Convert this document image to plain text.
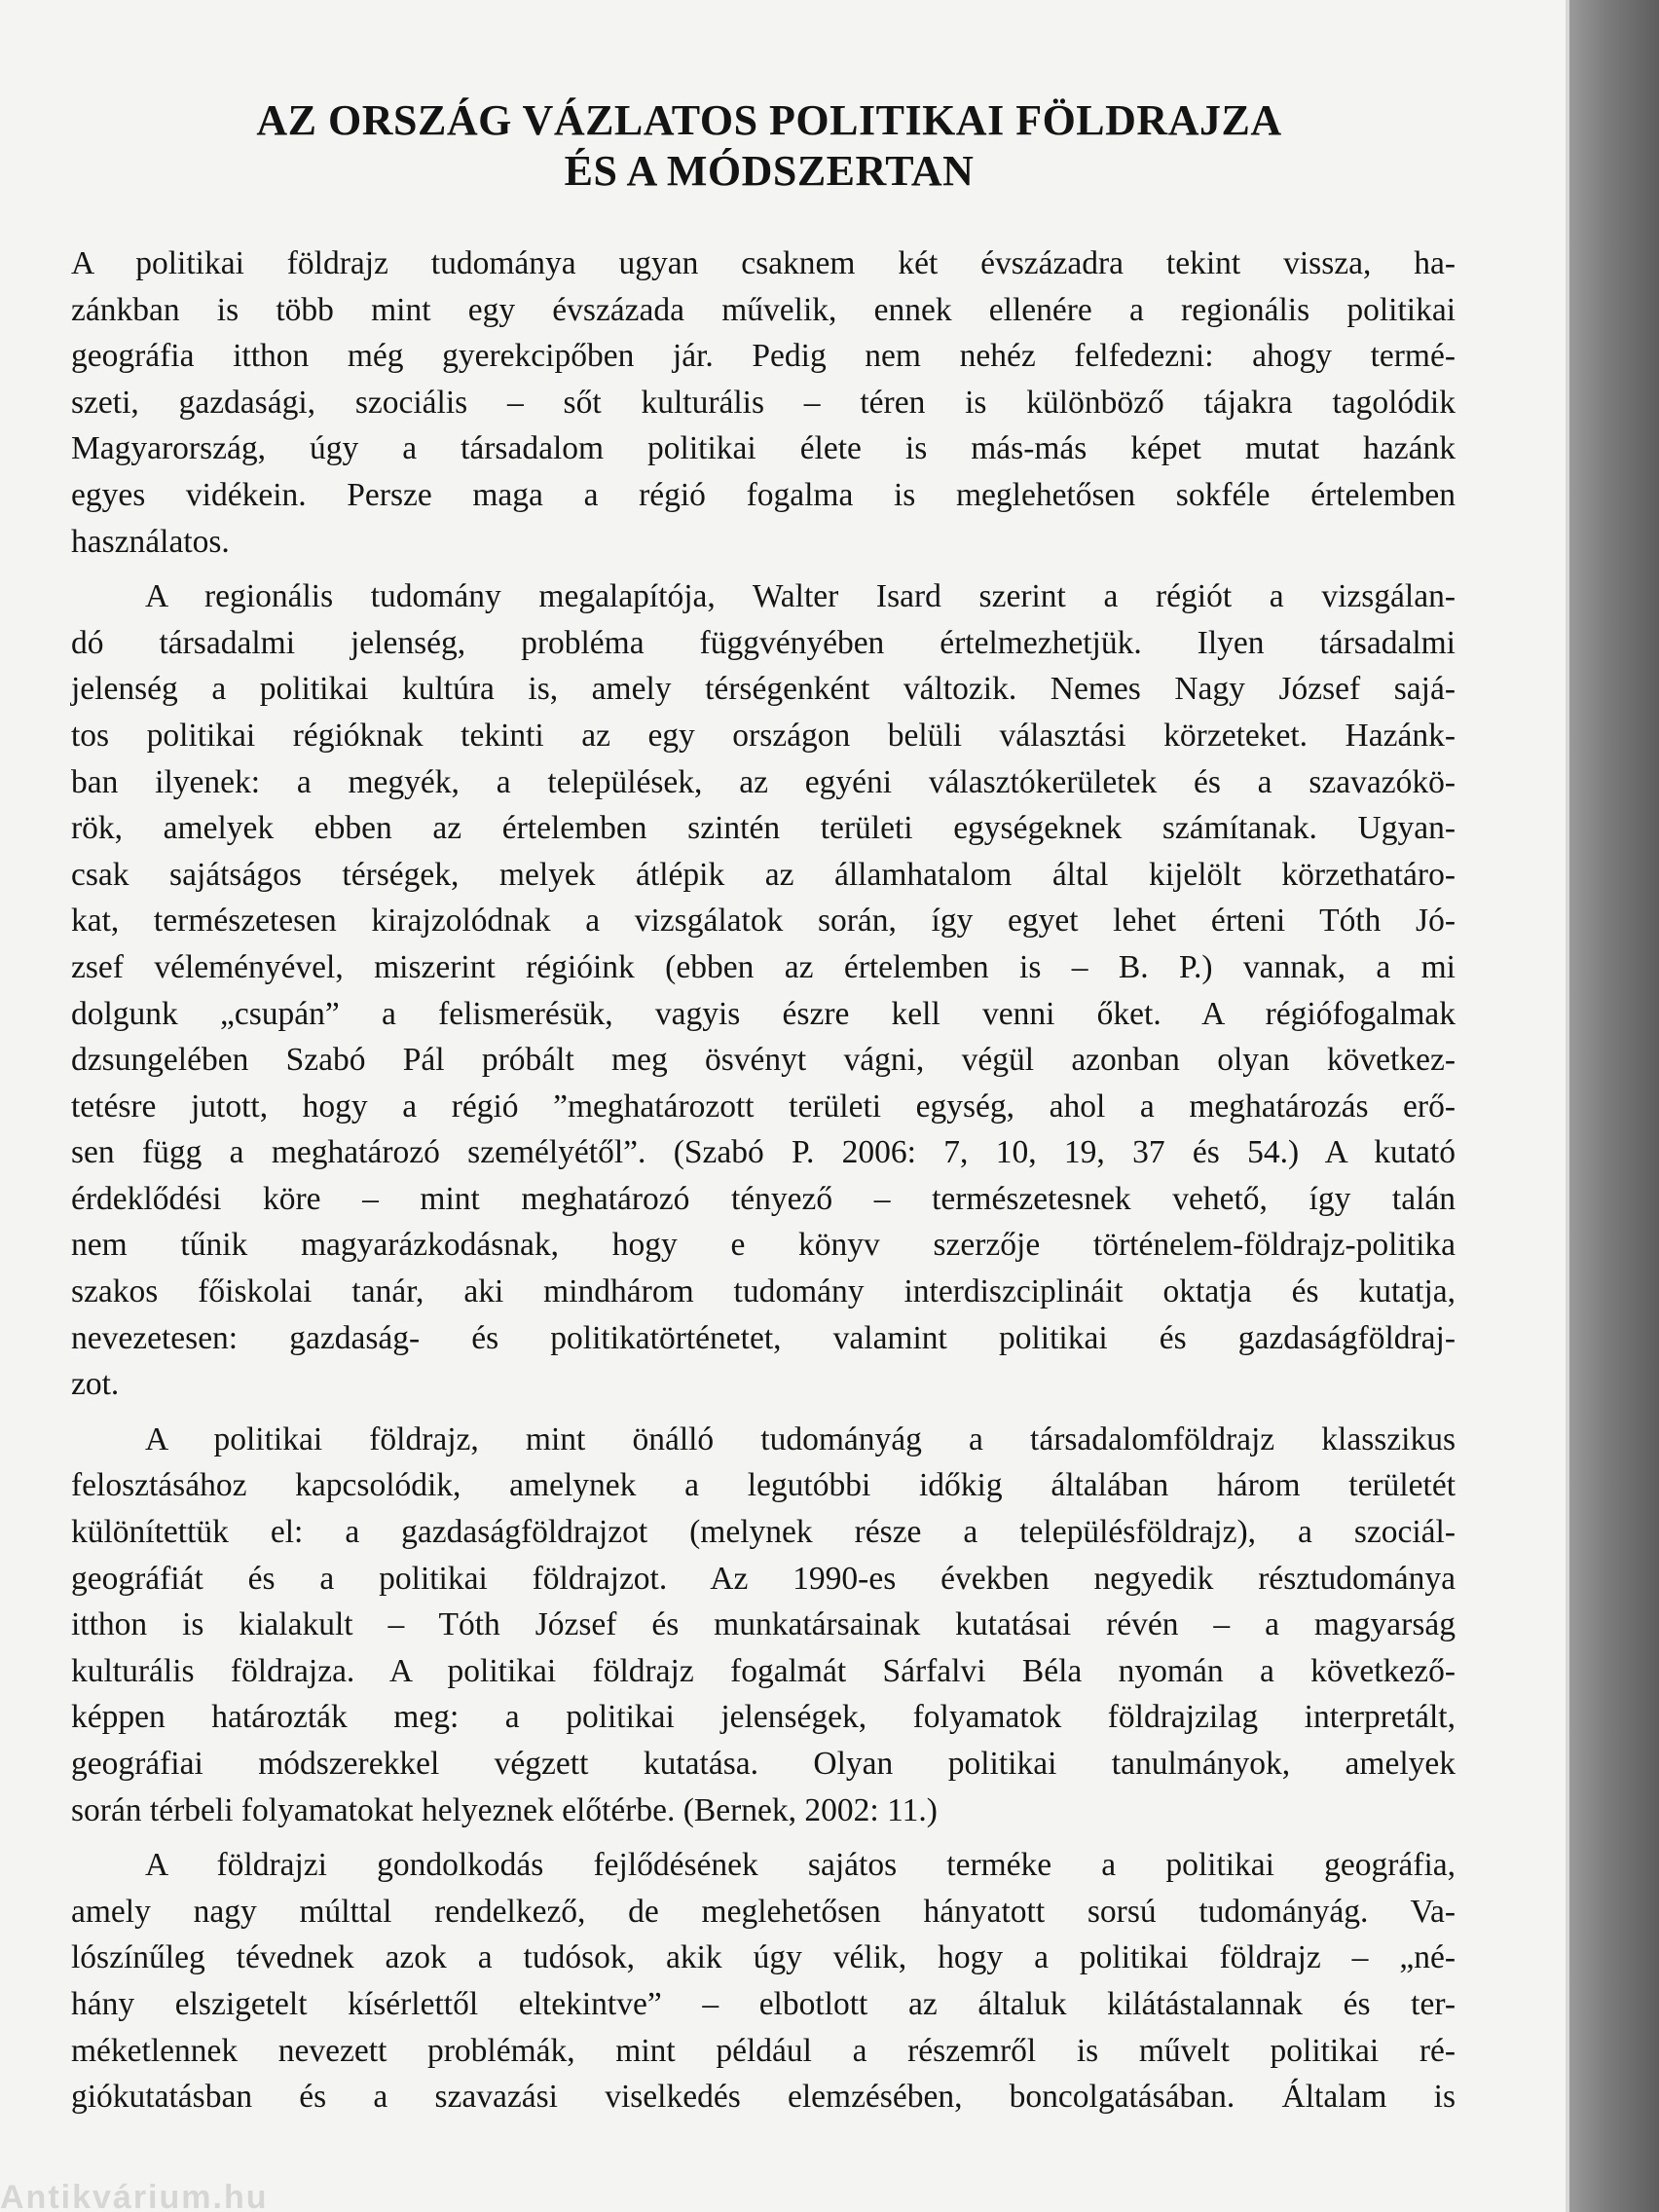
AZ ORSZÁG VÁZLATOS POLITIKAI FÖLDRAJZA
ÉS A MÓDSZERTAN
A politikai földrajz tudománya ugyan csaknem két évszázadra tekint vissza, ha-
zánkban is több mint egy évszázada művelik, ennek ellenére a regionális politikai
geográfia itthon még gyerekcipőben jár. Pedig nem nehéz felfedezni: ahogy termé-
szeti, gazdasági, szociális – sőt kulturális – téren is különböző tájakra tagolódik
Magyarország, úgy a társadalom politikai élete is más-más képet mutat hazánk
egyes vidékein. Persze maga a régió fogalma is meglehetősen sokféle értelemben
használatos.
A regionális tudomány megalapítója, Walter Isard szerint a régiót a vizsgálan-
dó társadalmi jelenség, probléma függvényében értelmezhetjük. Ilyen társadalmi
jelenség a politikai kultúra is, amely térségenként változik. Nemes Nagy József sajá-
tos politikai régióknak tekinti az egy országon belüli választási körzeteket. Hazánk-
ban ilyenek: a megyék, a települések, az egyéni választókerületek és a szavazókö-
rök, amelyek ebben az értelemben szintén területi egységeknek számítanak. Ugyan-
csak sajátságos térségek, melyek átlépik az államhatalom által kijelölt körzethatáro-
kat, természetesen kirajzolódnak a vizsgálatok során, így egyet lehet érteni Tóth Jó-
zsef véleményével, miszerint régióink (ebben az értelemben is – B. P.) vannak, a mi
dolgunk „csupán” a felismerésük, vagyis észre kell venni őket. A régiófogalmak
dzsungelében Szabó Pál próbált meg ösvényt vágni, végül azonban olyan következ-
tetésre jutott, hogy a régió ”meghatározott területi egység, ahol a meghatározás erő-
sen függ a meghatározó személyétől”. (Szabó P. 2006: 7, 10, 19, 37 és 54.) A kutató
érdeklődési köre – mint meghatározó tényező – természetesnek vehető, így talán
nem tűnik magyarázkodásnak, hogy e könyv szerzője történelem-földrajz-politika
szakos főiskolai tanár, aki mindhárom tudomány interdiszciplináit oktatja és kutatja,
nevezetesen: gazdaság- és politikatörténetet, valamint politikai és gazdaságföldraj-
zot.
A politikai földrajz, mint önálló tudományág a társadalomföldrajz klasszikus
felosztásához kapcsolódik, amelynek a legutóbbi időkig általában három területét
különítettük el: a gazdaságföldrajzot (melynek része a településföldrajz), a szociál-
geográfiát és a politikai földrajzot. Az 1990-es években negyedik résztudománya
itthon is kialakult – Tóth József és munkatársainak kutatásai révén – a magyarság
kulturális földrajza. A politikai földrajz fogalmát Sárfalvi Béla nyomán a következő-
képpen határozták meg: a politikai jelenségek, folyamatok földrajzilag interpretált,
geográfiai módszerekkel végzett kutatása. Olyan politikai tanulmányok, amelyek
során térbeli folyamatokat helyeznek előtérbe. (Bernek, 2002: 11.)
A földrajzi gondolkodás fejlődésének sajátos terméke a politikai geográfia,
amely nagy múlttal rendelkező, de meglehetősen hányatott sorsú tudományág. Va-
lószínűleg tévednek azok a tudósok, akik úgy vélik, hogy a politikai földrajz – „né-
hány elszigetelt kísérlettől eltekintve” – elbotlott az általuk kilátástalannak és ter-
méketlennek nevezett problémák, mint például a részemről is művelt politikai ré-
giókutatásban és a szavazási viselkedés elemzésében, boncolgatásában. Általam is
Antikvárium.hu
